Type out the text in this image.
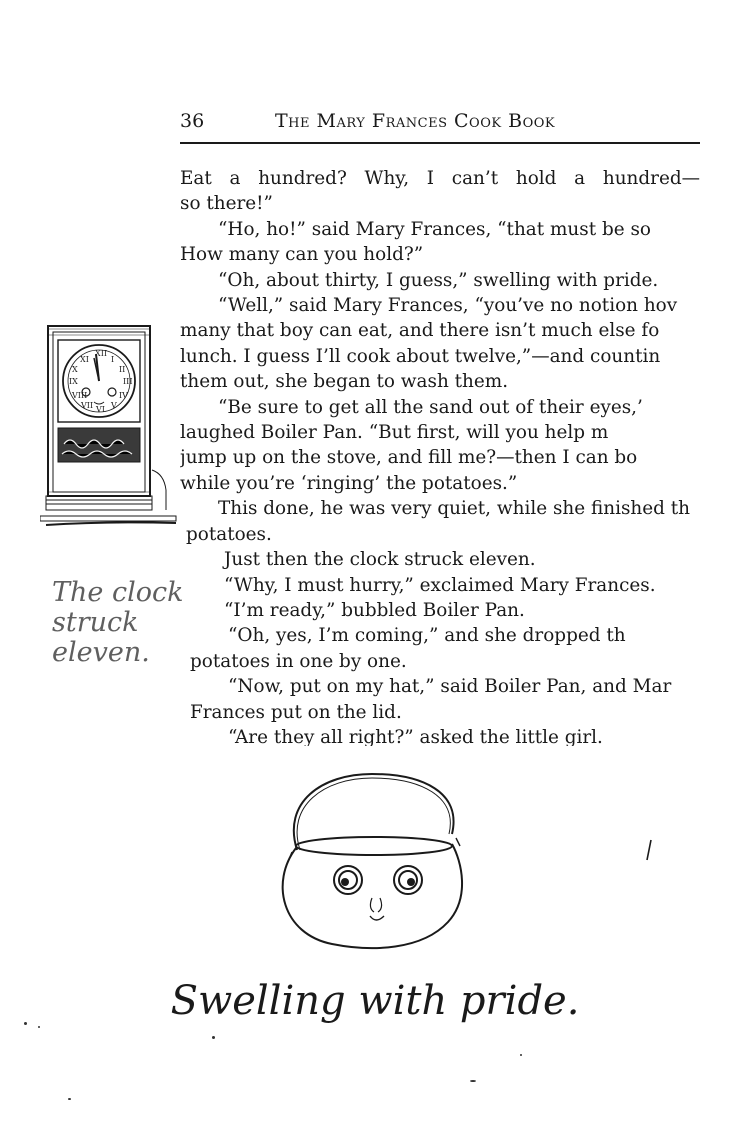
36	The Mary Frances Cook Book
Eat a hundred? Why, I can’t hold a hundred—
so there!”
“Ho, ho!” said Mary Frances, “that must be so
How many can you hold?”
“Oh, about thirty, I guess,” swelling with pride.
“Well,” said Mary Frances, “you’ve no notion hov
many that boy can eat, and there isn’t much else fo
lunch. I guess I’ll cook about twelve,”—and countin
them out, she began to wash them.
“Be sure to get all the sand out of their eyes,’
laughed Boiler Pan. “But first, will you help m
jump up on the stove, and fill me?—then I can bo
while you’re ‘ringing’ the potatoes.”
This done, he was very quiet, while she finished th
potatoes.
Just then the clock struck eleven.
“Why, I must hurry,” exclaimed Mary Frances.
“I’m ready,” bubbled Boiler Pan.
“Oh, yes, I’m coming,” and she dropped th
potatoes in one by one.
“Now, put on my hat,” said Boiler Pan, and Mar
Frances put on the lid.
“Are they all right?” asked the little girl.
XII
III
VI
IX
I
II
IV
V
VII
VIII
X
XI
The clock
struck
eleven.
Swelling with pride.
